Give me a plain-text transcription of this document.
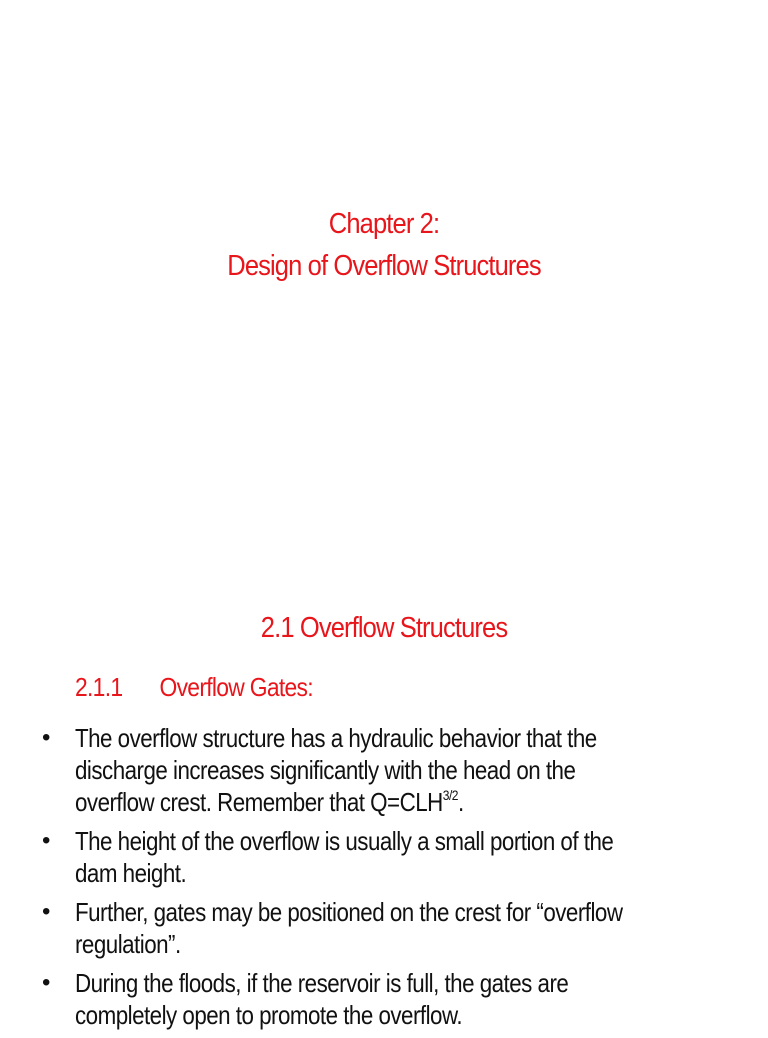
Chapter 2:
Design of Overflow Structures
2.1 Overflow Structures
2.1.1 Overflow Gates:
• The overflow structure has a hydraulic behavior that the
discharge increases significantly with the head on the
overflow crest. Remember that $Q=CLH^{3/2}$.
• The height of the overflow is usually a small portion of the
dam height.
• Further, gates may be positioned on the crest for “overflow
regulation”.
• During the floods, if the reservoir is full, the gates are
completely open to promote the overflow.
